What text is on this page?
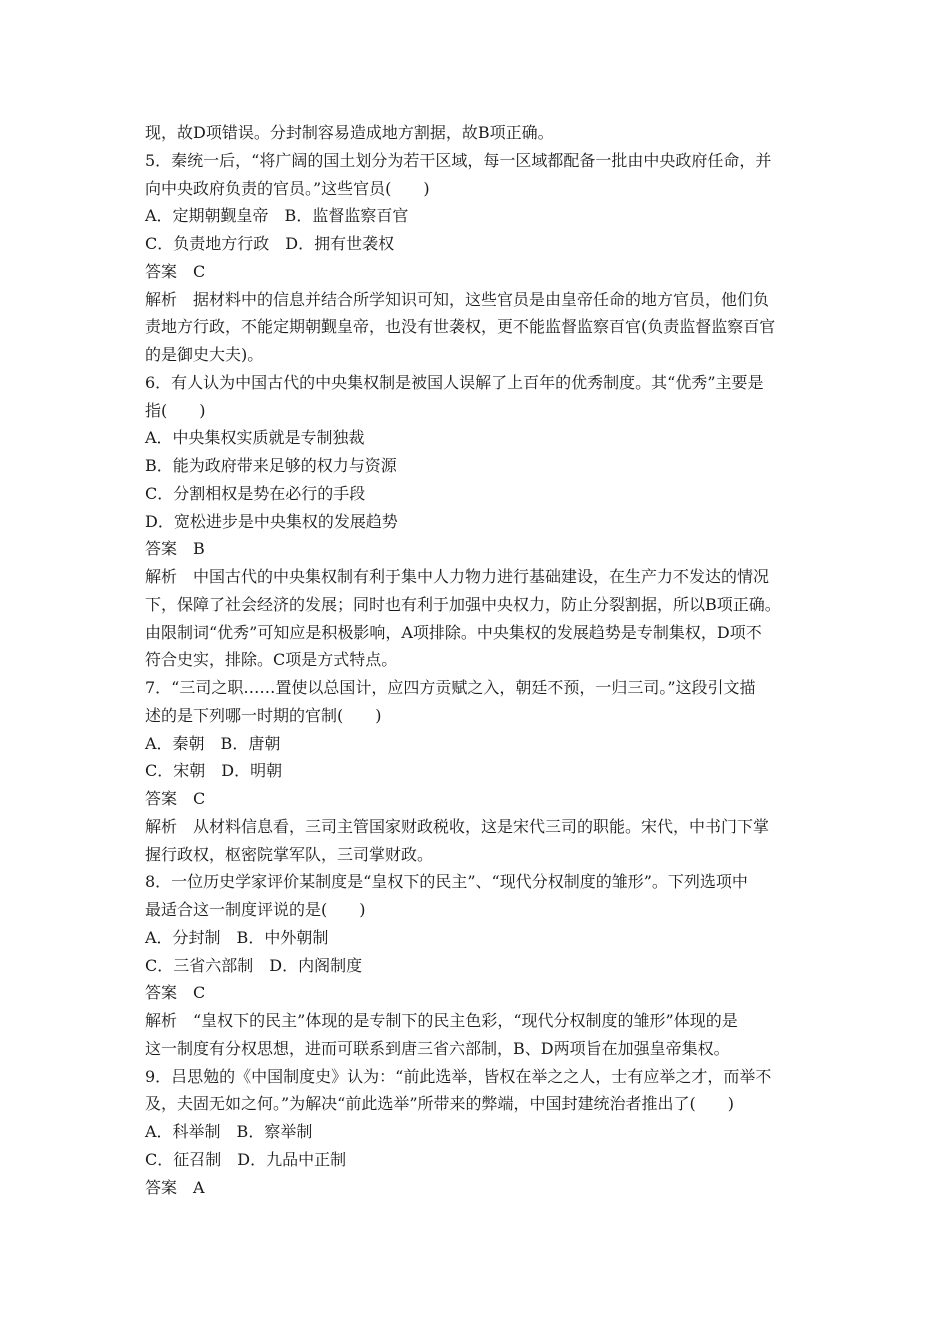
现，故D项错误。分封制容易造成地方割据，故B项正确。
5．秦统一后，“将广阔的国土划分为若干区域，每一区域都配备一批由中央政府任命，并
向中央政府负责的官员。”这些官员(　　)
A．定期朝觐皇帝　B．监督监察百官
C．负责地方行政　D．拥有世袭权
答案　C
解析　据材料中的信息并结合所学知识可知，这些官员是由皇帝任命的地方官员，他们负
责地方行政，不能定期朝觐皇帝，也没有世袭权，更不能监督监察百官(负责监督监察百官
的是御史大夫)。
6．有人认为中国古代的中央集权制是被国人误解了上百年的优秀制度。其“优秀”主要是
指(　　)
A．中央集权实质就是专制独裁
B．能为政府带来足够的权力与资源
C．分割相权是势在必行的手段
D．宽松进步是中央集权的发展趋势
答案　B
解析　中国古代的中央集权制有利于集中人力物力进行基础建设，在生产力不发达的情况
下，保障了社会经济的发展；同时也有利于加强中央权力，防止分裂割据，所以B项正确。
由限制词“优秀”可知应是积极影响，A项排除。中央集权的发展趋势是专制集权，D项不
符合史实，排除。C项是方式特点。
7．“三司之职……置使以总国计，应四方贡赋之入，朝廷不预，一归三司。”这段引文描
述的是下列哪一时期的官制(　　)
A．秦朝　B．唐朝
C．宋朝　D．明朝
答案　C
解析　从材料信息看，三司主管国家财政税收，这是宋代三司的职能。宋代，中书门下掌
握行政权，枢密院掌军队，三司掌财政。
8．一位历史学家评价某制度是“皇权下的民主”、“现代分权制度的雏形”。下列选项中
最适合这一制度评说的是(　　)
A．分封制　B．中外朝制
C．三省六部制　D．内阁制度
答案　C
解析　“皇权下的民主”体现的是专制下的民主色彩，“现代分权制度的雏形”体现的是
这一制度有分权思想，进而可联系到唐三省六部制，B、D两项旨在加强皇帝集权。
9．吕思勉的《中国制度史》认为：“前此选举，皆权在举之之人，士有应举之才，而举不
及，夫固无如之何。”为解决“前此选举”所带来的弊端，中国封建统治者推出了(　　)
A．科举制　B．察举制
C．征召制　D．九品中正制
答案　A
